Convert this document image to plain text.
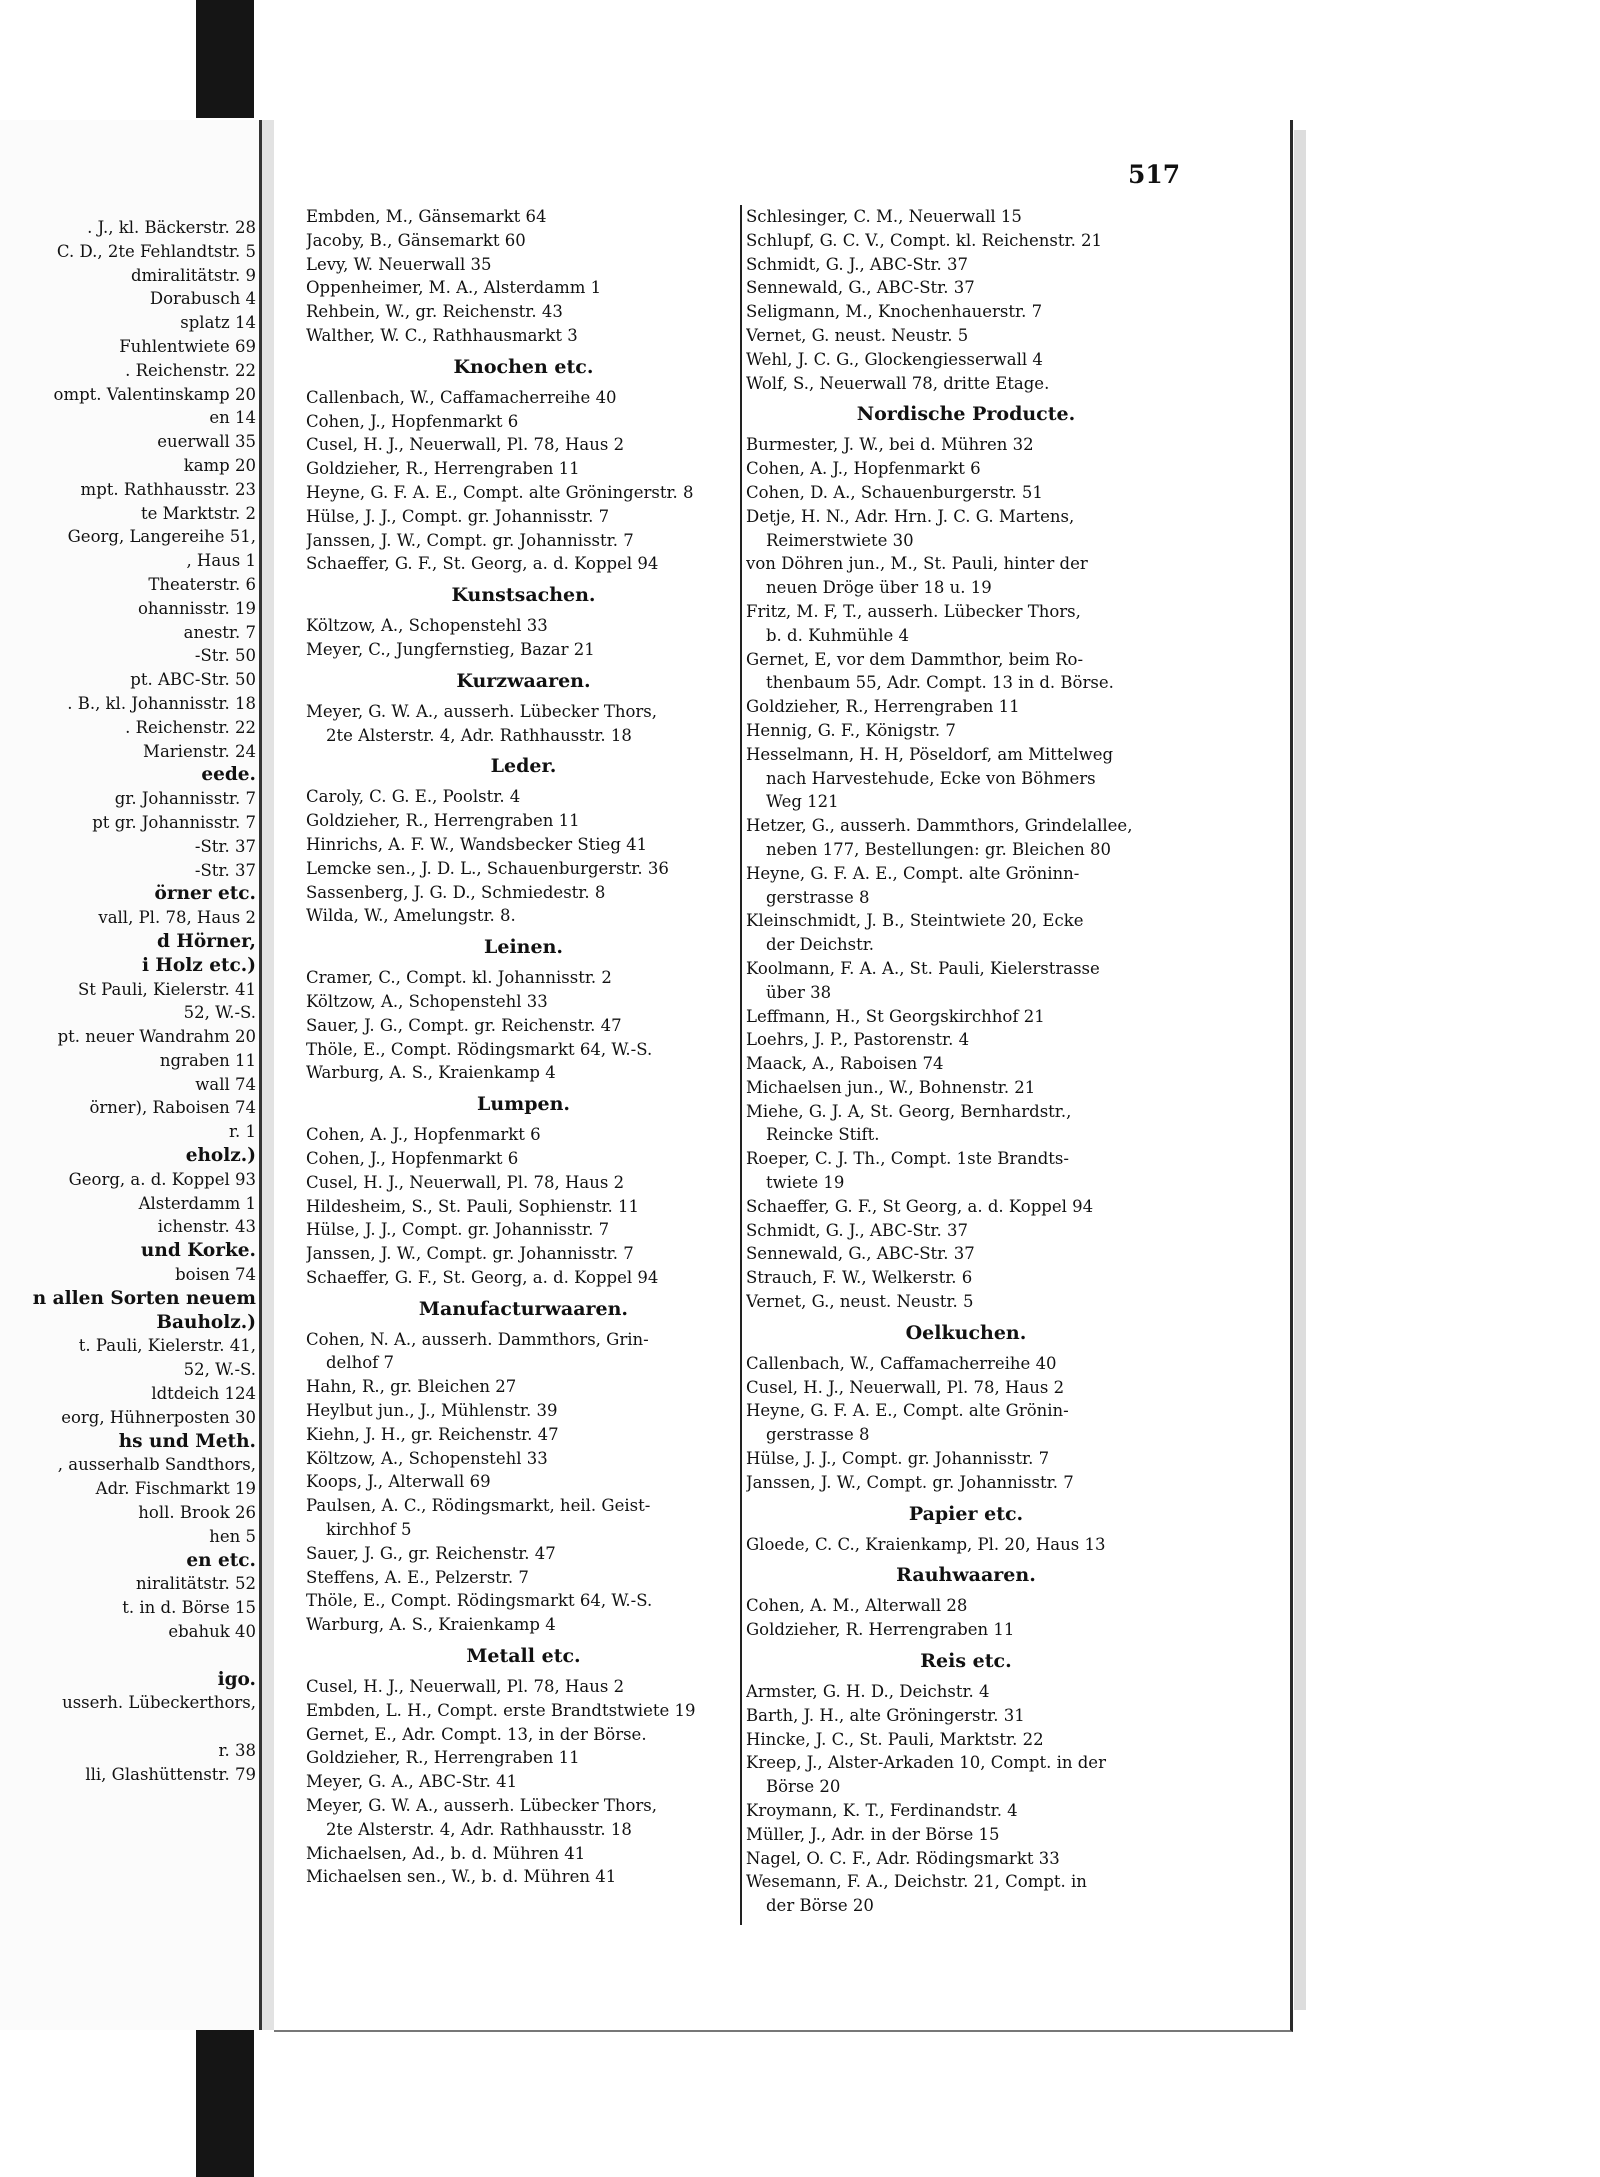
. J., kl. Bäckerstr. 28
C. D., 2te Fehlandtstr. 5
dmiralitätstr. 9
Dorabusch 4
splatz 14
Fuhlentwiete 69
. Reichenstr. 22
ompt. Valentinskamp 20
en 14
euerwall 35
kamp 20
mpt. Rathhausstr. 23
te Marktstr. 2
Georg, Langereihe 51,
, Haus 1
Theaterstr. 6
ohannisstr. 19
anestr. 7
-Str. 50
pt. ABC-Str. 50
. B., kl. Johannisstr. 18
. Reichenstr. 22
Marienstr. 24
eede.
gr. Johannisstr. 7
pt gr. Johannisstr. 7
-Str. 37
-Str. 37
örner etc.
vall, Pl. 78, Haus 2
d Hörner,
i Holz etc.)
St Pauli, Kielerstr. 41
52, W.-S.
pt. neuer Wandrahm 20
ngraben 11
wall 74
örner), Raboisen 74
r. 1
eholz.)
Georg, a. d. Koppel 93
Alsterdamm 1
ichenstr. 43
und Korke.
boisen 74
n allen Sorten neuem
Bauholz.)
t. Pauli, Kielerstr. 41,
52, W.-S.
ldtdeich 124
eorg, Hühnerposten 30
hs und Meth.
, ausserhalb Sandthors,
Adr. Fischmarkt 19
holl. Brook 26
hen 5
en etc.
niralitätstr. 52
t. in d. Börse 15
ebahuk 40
igo.
usserh. Lübeckerthors,
r. 38
lli, Glashüttenstr. 79
517
Embden, M., Gänsemarkt 64
Jacoby, B., Gänsemarkt 60
Levy, W. Neuerwall 35
Oppenheimer, M. A., Alsterdamm 1
Rehbein, W., gr. Reichenstr. 43
Walther, W. C., Rathhausmarkt 3
Knochen etc.
Callenbach, W., Caffamacherreihe 40
Cohen, J., Hopfenmarkt 6
Cusel, H. J., Neuerwall, Pl. 78, Haus 2
Goldzieher, R., Herrengraben 11
Heyne, G. F. A. E., Compt. alte Gröningerstr. 8
Hülse, J. J., Compt. gr. Johannisstr. 7
Janssen, J. W., Compt. gr. Johannisstr. 7
Schaeffer, G. F., St. Georg, a. d. Koppel 94
Kunstsachen.
Költzow, A., Schopenstehl 33
Meyer, C., Jungfernstieg, Bazar 21
Kurzwaaren.
Meyer, G. W. A., ausserh. Lübecker Thors,
2te Alsterstr. 4, Adr. Rathhausstr. 18
Leder.
Caroly, C. G. E., Poolstr. 4
Goldzieher, R., Herrengraben 11
Hinrichs, A. F. W., Wandsbecker Stieg 41
Lemcke sen., J. D. L., Schauenburgerstr. 36
Sassenberg, J. G. D., Schmiedestr. 8
Wilda, W., Amelungstr. 8.
Leinen.
Cramer, C., Compt. kl. Johannisstr. 2
Költzow, A., Schopenstehl 33
Sauer, J. G., Compt. gr. Reichenstr. 47
Thöle, E., Compt. Rödingsmarkt 64, W.-S.
Warburg, A. S., Kraienkamp 4
Lumpen.
Cohen, A. J., Hopfenmarkt 6
Cohen, J., Hopfenmarkt 6
Cusel, H. J., Neuerwall, Pl. 78, Haus 2
Hildesheim, S., St. Pauli, Sophienstr. 11
Hülse, J. J., Compt. gr. Johannisstr. 7
Janssen, J. W., Compt. gr. Johannisstr. 7
Schaeffer, G. F., St. Georg, a. d. Koppel 94
Manufacturwaaren.
Cohen, N. A., ausserh. Dammthors, Grin-
delhof 7
Hahn, R., gr. Bleichen 27
Heylbut jun., J., Mühlenstr. 39
Kiehn, J. H., gr. Reichenstr. 47
Költzow, A., Schopenstehl 33
Koops, J., Alterwall 69
Paulsen, A. C., Rödingsmarkt, heil. Geist-
kirchhof 5
Sauer, J. G., gr. Reichenstr. 47
Steffens, A. E., Pelzerstr. 7
Thöle, E., Compt. Rödingsmarkt 64, W.-S.
Warburg, A. S., Kraienkamp 4
Metall etc.
Cusel, H. J., Neuerwall, Pl. 78, Haus 2
Embden, L. H., Compt. erste Brandtstwiete 19
Gernet, E., Adr. Compt. 13, in der Börse.
Goldzieher, R., Herrengraben 11
Meyer, G. A., ABC-Str. 41
Meyer, G. W. A., ausserh. Lübecker Thors,
2te Alsterstr. 4, Adr. Rathhausstr. 18
Michaelsen, Ad., b. d. Mühren 41
Michaelsen sen., W., b. d. Mühren 41
Schlesinger, C. M., Neuerwall 15
Schlupf, G. C. V., Compt. kl. Reichenstr. 21
Schmidt, G. J., ABC-Str. 37
Sennewald, G., ABC-Str. 37
Seligmann, M., Knochenhauerstr. 7
Vernet, G. neust. Neustr. 5
Wehl, J. C. G., Glockengiesserwall 4
Wolf, S., Neuerwall 78, dritte Etage.
Nordische Producte.
Burmester, J. W., bei d. Mühren 32
Cohen, A. J., Hopfenmarkt 6
Cohen, D. A., Schauenburgerstr. 51
Detje, H. N., Adr. Hrn. J. C. G. Martens,
Reimerstwiete 30
von Döhren jun., M., St. Pauli, hinter der
neuen Dröge über 18 u. 19
Fritz, M. F, T., ausserh. Lübecker Thors,
b. d. Kuhmühle 4
Gernet, E, vor dem Dammthor, beim Ro-
thenbaum 55, Adr. Compt. 13 in d. Börse.
Goldzieher, R., Herrengraben 11
Hennig, G. F., Königstr. 7
Hesselmann, H. H, Pöseldorf, am Mittelweg
nach Harvestehude, Ecke von Böhmers
Weg 121
Hetzer, G., ausserh. Dammthors, Grindelallee,
neben 177, Bestellungen: gr. Bleichen 80
Heyne, G. F. A. E., Compt. alte Gröninn-
gerstrasse 8
Kleinschmidt, J. B., Steintwiete 20, Ecke
der Deichstr.
Koolmann, F. A. A., St. Pauli, Kielerstrasse
über 38
Leffmann, H., St Georgskirchhof 21
Loehrs, J. P., Pastorenstr. 4
Maack, A., Raboisen 74
Michaelsen jun., W., Bohnenstr. 21
Miehe, G. J. A, St. Georg, Bernhardstr.,
Reincke Stift.
Roeper, C. J. Th., Compt. 1ste Brandts-
twiete 19
Schaeffer, G. F., St Georg, a. d. Koppel 94
Schmidt, G. J., ABC-Str. 37
Sennewald, G., ABC-Str. 37
Strauch, F. W., Welkerstr. 6
Vernet, G., neust. Neustr. 5
Oelkuchen.
Callenbach, W., Caffamacherreihe 40
Cusel, H. J., Neuerwall, Pl. 78, Haus 2
Heyne, G. F. A. E., Compt. alte Grönin-
gerstrasse 8
Hülse, J. J., Compt. gr. Johannisstr. 7
Janssen, J. W., Compt. gr. Johannisstr. 7
Papier etc.
Gloede, C. C., Kraienkamp, Pl. 20, Haus 13
Rauhwaaren.
Cohen, A. M., Alterwall 28
Goldzieher, R. Herrengraben 11
Reis etc.
Armster, G. H. D., Deichstr. 4
Barth, J. H., alte Gröningerstr. 31
Hincke, J. C., St. Pauli, Marktstr. 22
Kreep, J., Alster-Arkaden 10, Compt. in der
Börse 20
Kroymann, K. T., Ferdinandstr. 4
Müller, J., Adr. in der Börse 15
Nagel, O. C. F., Adr. Rödingsmarkt 33
Wesemann, F. A., Deichstr. 21, Compt. in
der Börse 20
